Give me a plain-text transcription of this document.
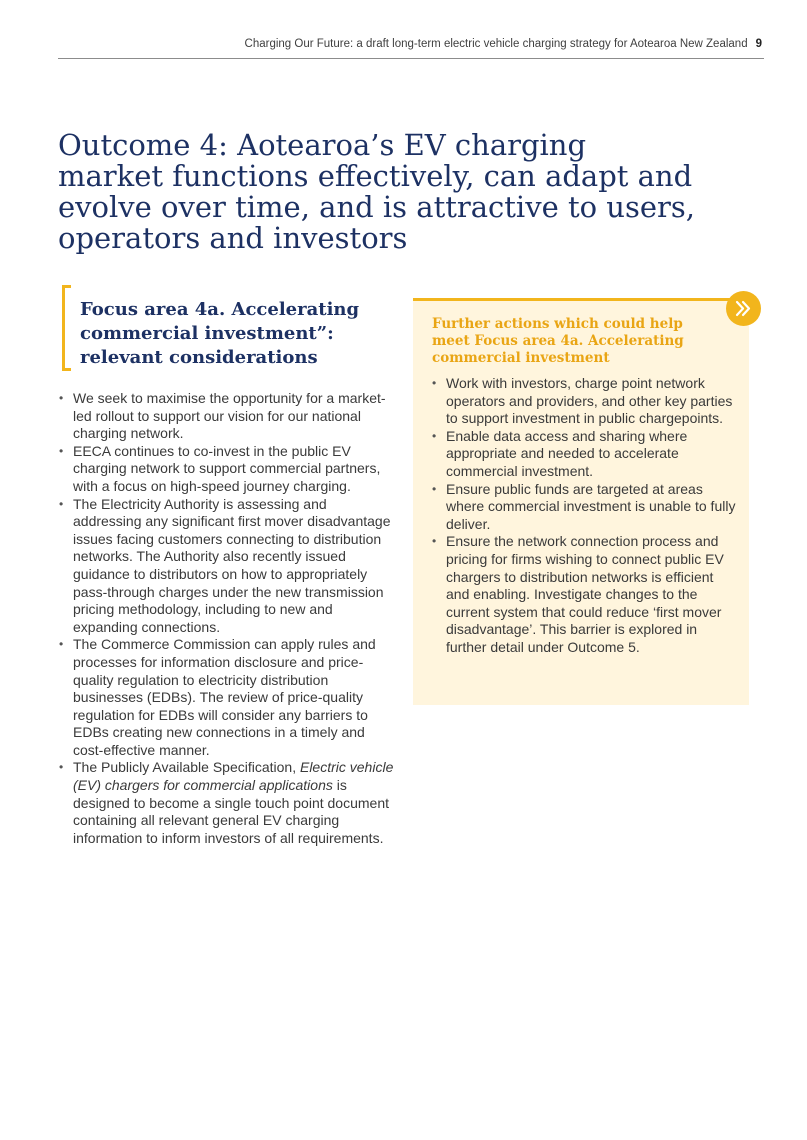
Charging Our Future: a draft long-term electric vehicle charging strategy for Aotearoa New Zealand 9
Outcome 4: Aotearoa’s EV charging market functions effectively, can adapt and evolve over time, and is attractive to users, operators and investors
Focus area 4a. Accelerating commercial investment”: relevant considerations
• We seek to maximise the opportunity for a market-led rollout to support our vision for our national charging network.
• EECA continues to co-invest in the public EV charging network to support commercial partners, with a focus on high-speed journey charging.
• The Electricity Authority is assessing and addressing any significant first mover disadvantage issues facing customers connecting to distribution networks. The Authority also recently issued guidance to distributors on how to appropriately pass-through charges under the new transmission pricing methodology, including to new and expanding connections.
• The Commerce Commission can apply rules and processes for information disclosure and price-quality regulation to electricity distribution businesses (EDBs). The review of price-quality regulation for EDBs will consider any barriers to EDBs creating new connections in a timely and cost-effective manner.
• The Publicly Available Specification, Electric vehicle (EV) chargers for commercial applications is designed to become a single touch point document containing all relevant general EV charging information to inform investors of all requirements.
Further actions which could help meet Focus area 4a. Accelerating commercial investment
• Work with investors, charge point network operators and providers, and other key parties to support investment in public chargepoints.
• Enable data access and sharing where appropriate and needed to accelerate commercial investment.
• Ensure public funds are targeted at areas where commercial investment is unable to fully deliver.
• Ensure the network connection process and pricing for firms wishing to connect public EV chargers to distribution networks is efficient and enabling. Investigate changes to the current system that could reduce ‘first mover disadvantage’. This barrier is explored in further detail under Outcome 5.
